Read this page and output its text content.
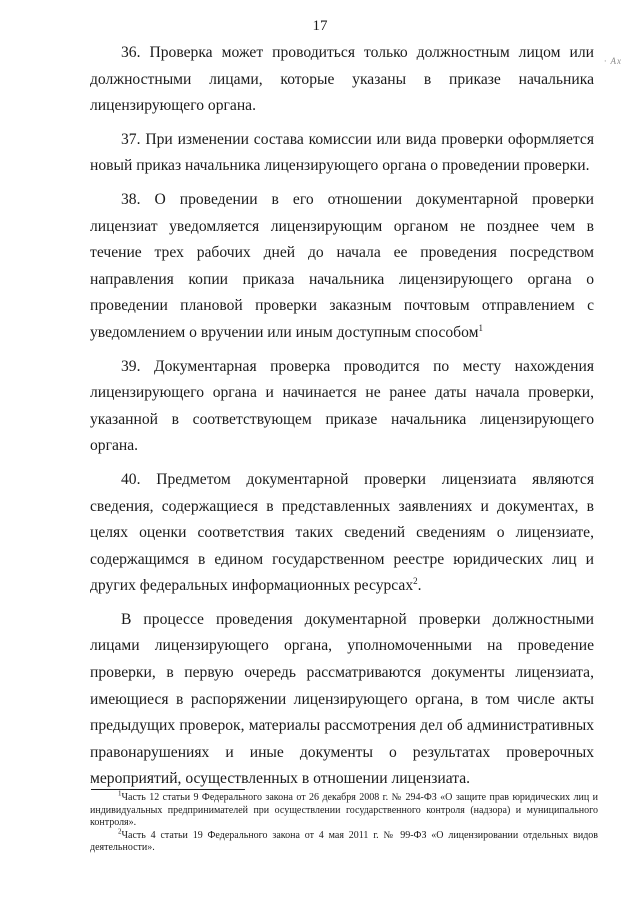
17
· Ах

36. Проверка может проводиться только должностным лицом или должностными лицами, которые указаны в приказе начальника лицензирующего органа.

37. При изменении состава комиссии или вида проверки оформляется новый приказ начальника лицензирующего органа о проведении проверки.

38. О проведении в его отношении документарной проверки лицензиат уведомляется лицензирующим органом не позднее чем в течение трех рабочих дней до начала ее проведения посредством направления копии приказа начальника лицензирующего органа о проведении плановой проверки заказным почтовым отправлением с уведомлением о вручении или иным доступным способом$^1$

39. Документарная проверка проводится по месту нахождения лицензирующего органа и начинается не ранее даты начала проверки, указанной в соответствующем приказе начальника лицензирующего органа.

40. Предметом документарной проверки лицензиата являются сведения, содержащиеся в представленных заявлениях и документах, в целях оценки соответствия таких сведений сведениям о лицензиате, содержащимся в едином государственном реестре юридических лиц и других федеральных информационных ресурсах$^2$.

В процессе проведения документарной проверки должностными лицами лицензирующего органа, уполномоченными на проведение проверки, в первую очередь рассматриваются документы лицензиата, имеющиеся в распоряжении лицензирующего органа, в том числе акты предыдущих проверок, материалы рассмотрения дел об административных правонарушениях и иные документы о результатах проверочных мероприятий, осуществленных в отношении лицензиата.

$^1$Часть 12 статьи 9 Федерального закона от 26 декабря 2008 г. № 294-ФЗ «О защите прав юридических лиц и индивидуальных предпринимателей при осуществлении государственного контроля (надзора) и муниципального контроля».

$^2$Часть 4 статьи 19 Федерального закона от 4 мая 2011 г. № 99-ФЗ «О лицензировании отдельных видов деятельности».
